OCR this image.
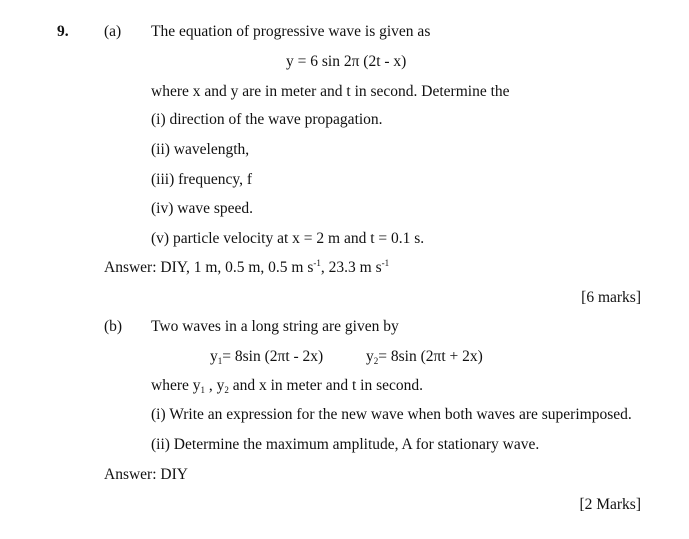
9. (a) The equation of progressive wave is given as
y = 6 sin 2π (2t - x)
where x and y are in meter and t in second. Determine the
(i) direction of the wave propagation.
(ii) wavelength,
(iii) frequency, f
(iv) wave speed.
(v) particle velocity at x = 2 m and t = 0.1 s.
Answer: DIY, 1 m, 0.5 m, 0.5 m $s^{-1}$, 23.3 m $s^{-1}$
[6 marks]
(b) Two waves in a long string are given by
$y_1= 8\sin$ (2πt - 2x)	$y_2= 8\sin$ (2πt + 2x)
where $y_1$ , $y_2$ and x in meter and t in second.
(i) Write an expression for the new wave when both waves are superimposed.
(ii) Determine the maximum amplitude, A for stationary wave.
Answer: DIY
[2 Marks]
